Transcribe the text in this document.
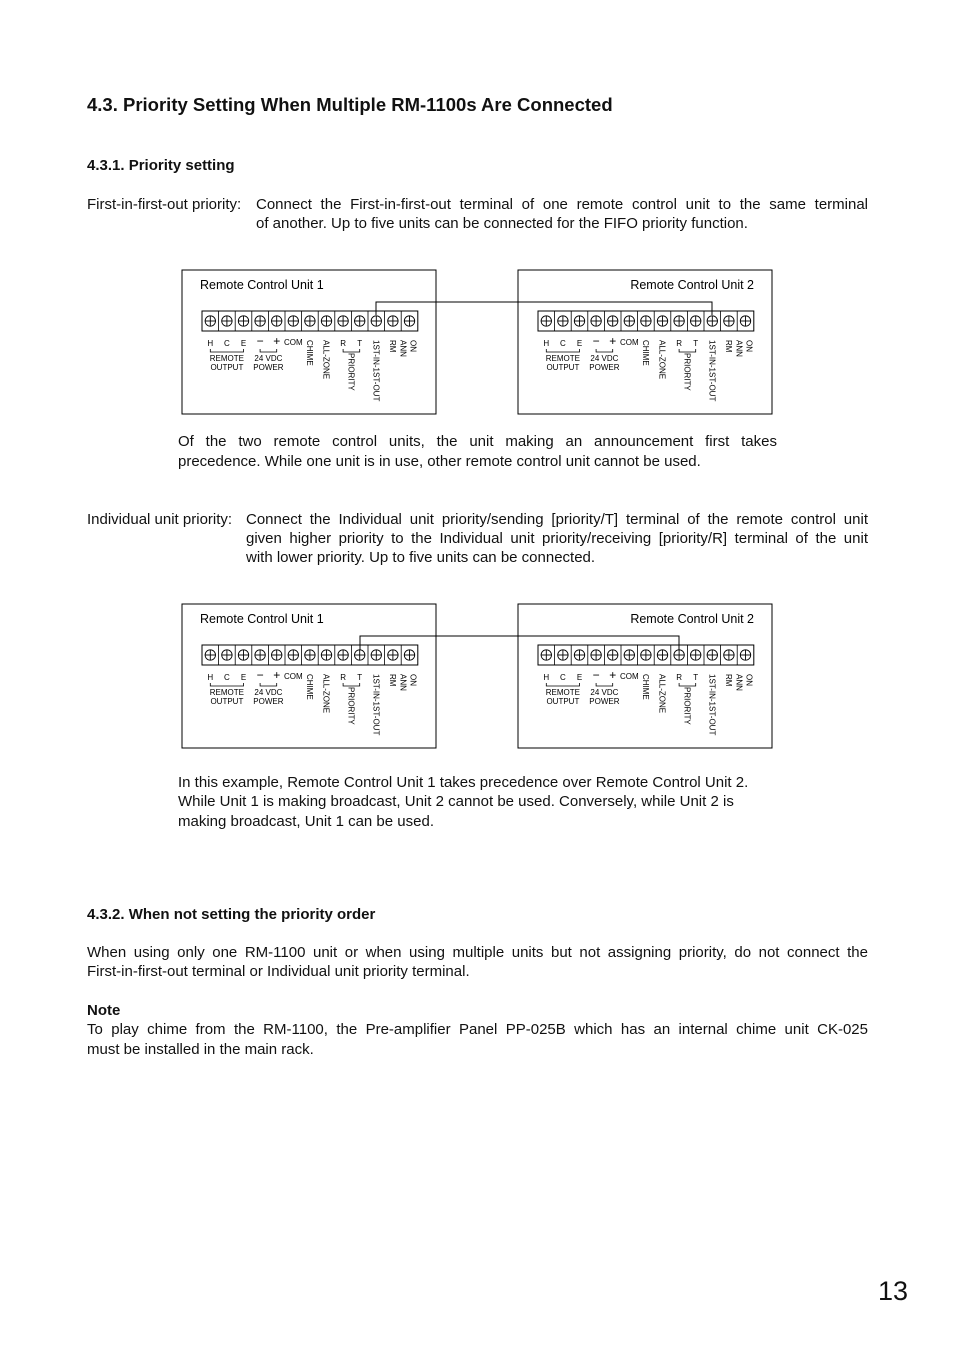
4.3. Priority Setting When Multiple RM-1100s Are Connected
4.3.1. Priority setting
First-in-first-out priority: Connect the First-in-first-out terminal of one remote control unit to the same terminal
of another. Up to five units can be connected for the FIFO priority function.
Remote Control Unit 1
H C E − + COM	R T
REMOTE
OUTPUT
24 VDC
POWER
CHIME ALL-ZONE PRIORITY 1ST-IN-1ST-OUT RM ANN ON
Remote Control Unit 2
H C E − + COM	R T
REMOTE
OUTPUT
24 VDC
POWER
CHIME ALL-ZONE PRIORITY 1ST-IN-1ST-OUT RM ANN ON
Of the two remote control units, the unit making an announcement first takes
precedence. While one unit is in use, other remote control unit cannot be used.
Individual unit priority: Connect the Individual unit priority/sending [priority/T] terminal of the remote control unit
given higher priority to the Individual unit priority/receiving [priority/R] terminal of the unit
with lower priority. Up to five units can be connected.
Remote Control Unit 1
H C E − + COM	R T
REMOTE
OUTPUT
24 VDC
POWER
CHIME ALL-ZONE PRIORITY 1ST-IN-1ST-OUT RM ANN ON
Remote Control Unit 2
H C E − + COM	R T
REMOTE
OUTPUT
24 VDC
POWER
CHIME ALL-ZONE PRIORITY 1ST-IN-1ST-OUT RM ANN ON
In this example, Remote Control Unit 1 takes precedence over Remote Control Unit 2.
While Unit 1 is making broadcast, Unit 2 cannot be used. Conversely, while Unit 2 is
making broadcast, Unit 1 can be used.
4.3.2. When not setting the priority order
When using only one RM-1100 unit or when using multiple units but not assigning priority, do not connect the
First-in-first-out terminal or Individual unit priority terminal.
Note
To play chime from the RM-1100, the Pre-amplifier Panel PP-025B which has an internal chime unit CK-025
must be installed in the main rack.
13
